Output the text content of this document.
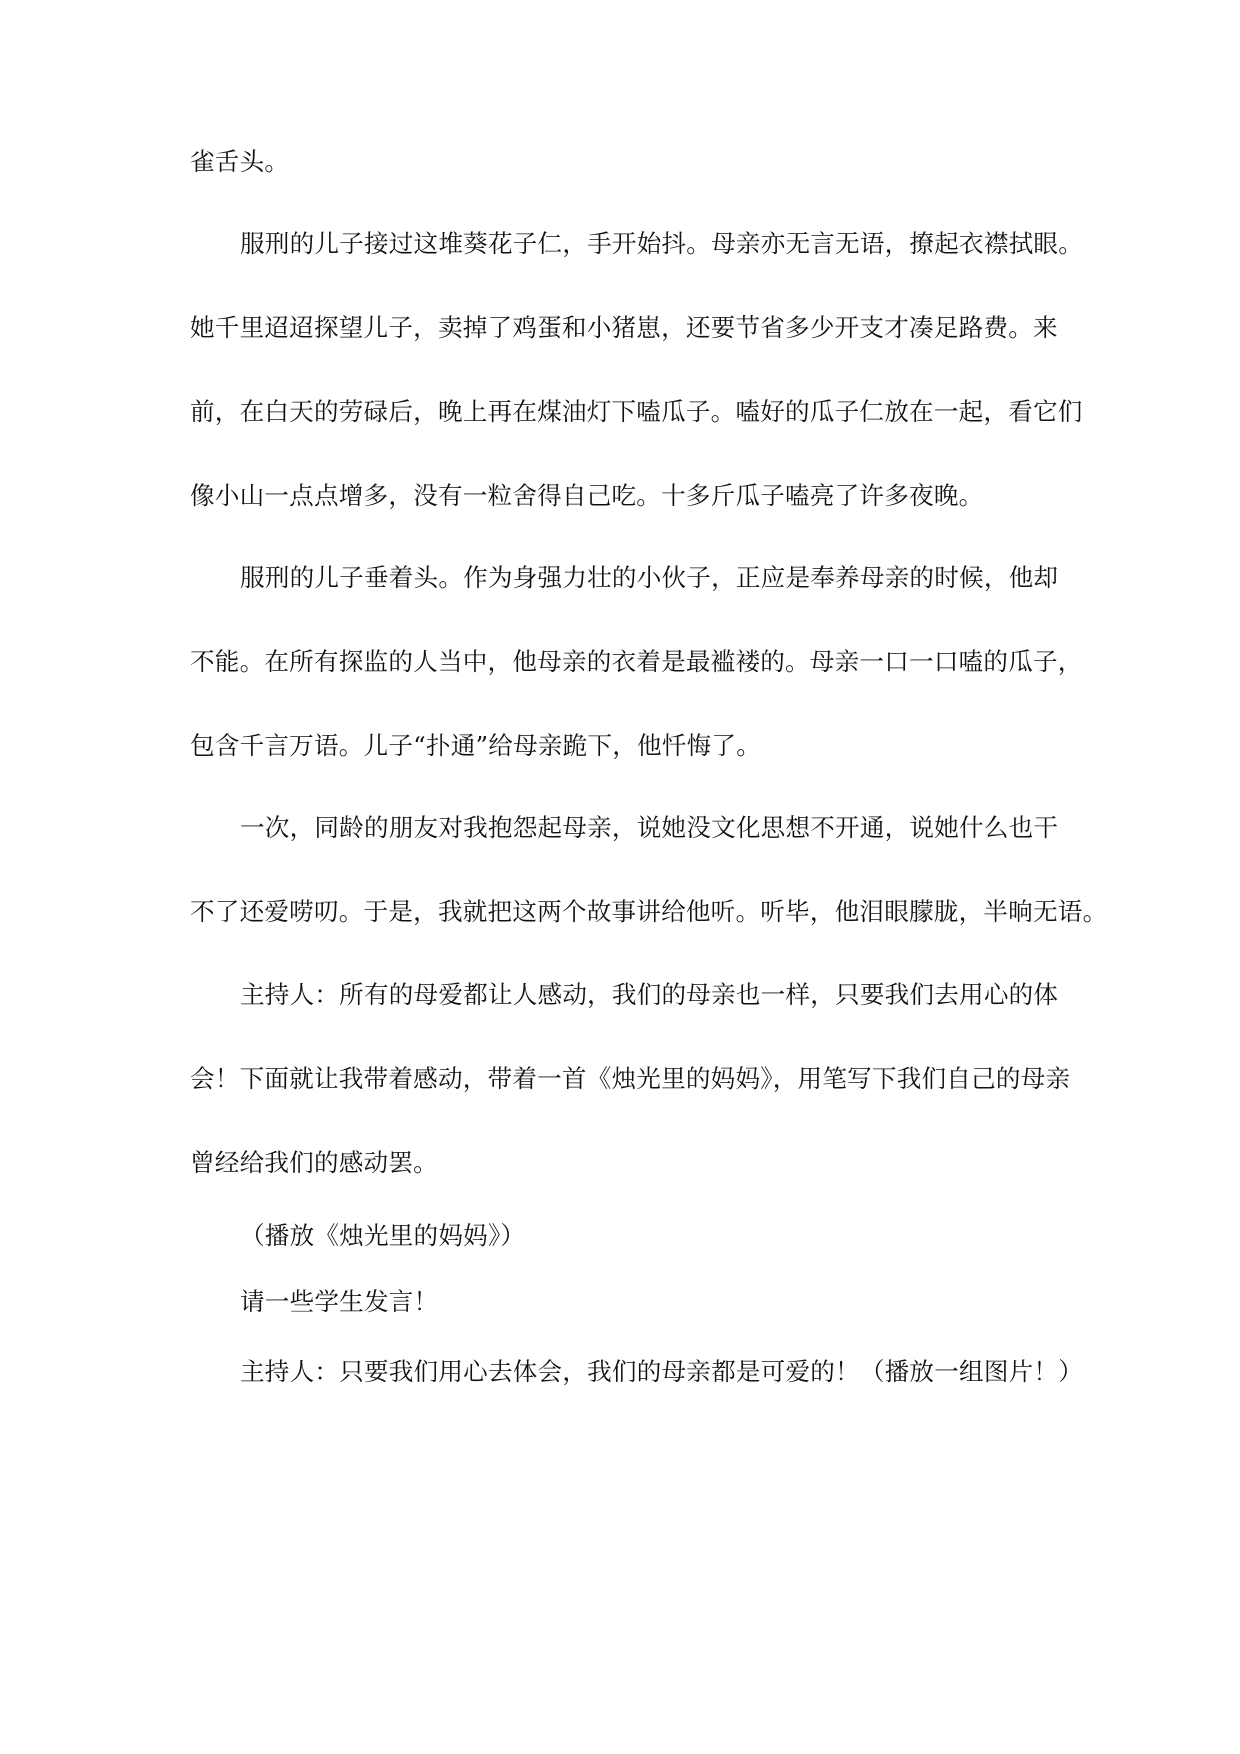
雀舌头。
服刑的儿子接过这堆葵花子仁，手开始抖。母亲亦无言无语，撩起衣襟拭眼。
她千里迢迢探望儿子，卖掉了鸡蛋和小猪崽，还要节省多少开支才凑足路费。来
前，在白天的劳碌后，晚上再在煤油灯下嗑瓜子。嗑好的瓜子仁放在一起，看它们
像小山一点点增多，没有一粒舍得自己吃。十多斤瓜子嗑亮了许多夜晚。
服刑的儿子垂着头。作为身强力壮的小伙子，正应是奉养母亲的时候，他却
不能。在所有探监的人当中，他母亲的衣着是最褴褛的。母亲一口一口嗑的瓜子，
包含千言万语。儿子“扑通”给母亲跪下，他忏悔了。
一次，同龄的朋友对我抱怨起母亲，说她没文化思想不开通，说她什么也干
不了还爱唠叨。于是，我就把这两个故事讲给他听。听毕，他泪眼朦胧，半晌无语。
主持人：所有的母爱都让人感动，我们的母亲也一样，只要我们去用心的体
会！下面就让我带着感动，带着一首《烛光里的妈妈》，用笔写下我们自己的母亲
曾经给我们的感动罢。
（播放《烛光里的妈妈》）
请一些学生发言！
主持人：只要我们用心去体会，我们的母亲都是可爱的！（播放一组图片！）
